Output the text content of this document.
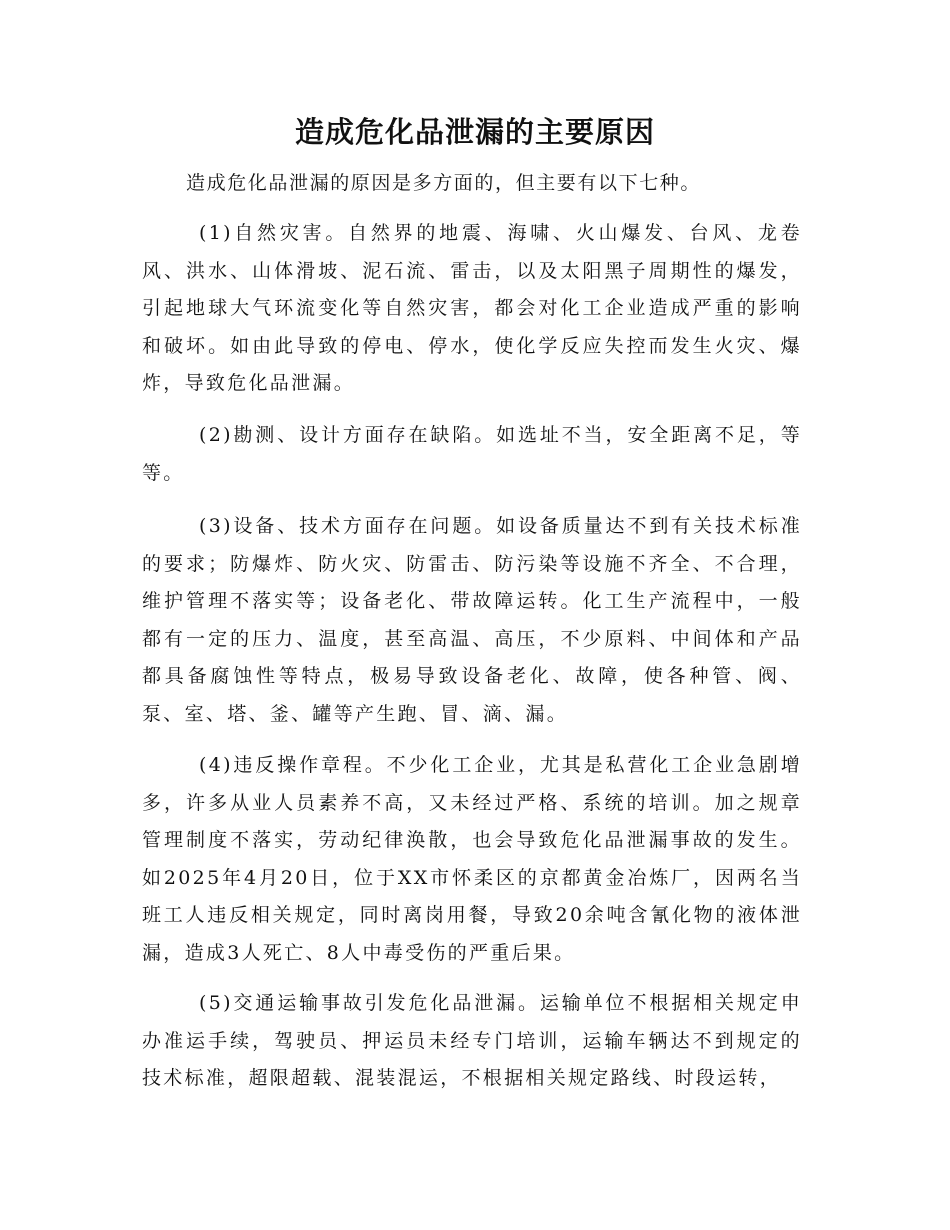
造成危化品泄漏的主要原因

造成危化品泄漏的原因是多方面的，但主要有以下七种。

(1)自然灾害。自然界的地震、海啸、火山爆发、台风、龙卷风、洪水、山体滑坡、泥石流、雷击，以及太阳黑子周期性的爆发，引起地球大气环流变化等自然灾害，都会对化工企业造成严重的影响和破坏。如由此导致的停电、停水，使化学反应失控而发生火灾、爆炸，导致危化品泄漏。

(2)勘测、设计方面存在缺陷。如选址不当，安全距离不足，等等。

(3)设备、技术方面存在问题。如设备质量达不到有关技术标准的要求；防爆炸、防火灾、防雷击、防污染等设施不齐全、不合理，维护管理不落实等；设备老化、带故障运转。化工生产流程中，一般都有一定的压力、温度，甚至高温、高压，不少原料、中间体和产品都具备腐蚀性等特点，极易导致设备老化、故障，使各种管、阀、泵、室、塔、釜、罐等产生跑、冒、滴、漏。

(4)违反操作章程。不少化工企业，尤其是私营化工企业急剧增多，许多从业人员素养不高，又未经过严格、系统的培训。加之规章管理制度不落实，劳动纪律涣散，也会导致危化品泄漏事故的发生。如2025年4月20日，位于XX市怀柔区的京都黄金冶炼厂，因两名当班工人违反相关规定，同时离岗用餐，导致20余吨含氰化物的液体泄漏，造成3人死亡、8人中毒受伤的严重后果。

(5)交通运输事故引发危化品泄漏。运输单位不根据相关规定申办准运手续，驾驶员、押运员未经专门培训，运输车辆达不到规定的技术标准，超限超载、混装混运，不根据相关规定路线、时段运转，
